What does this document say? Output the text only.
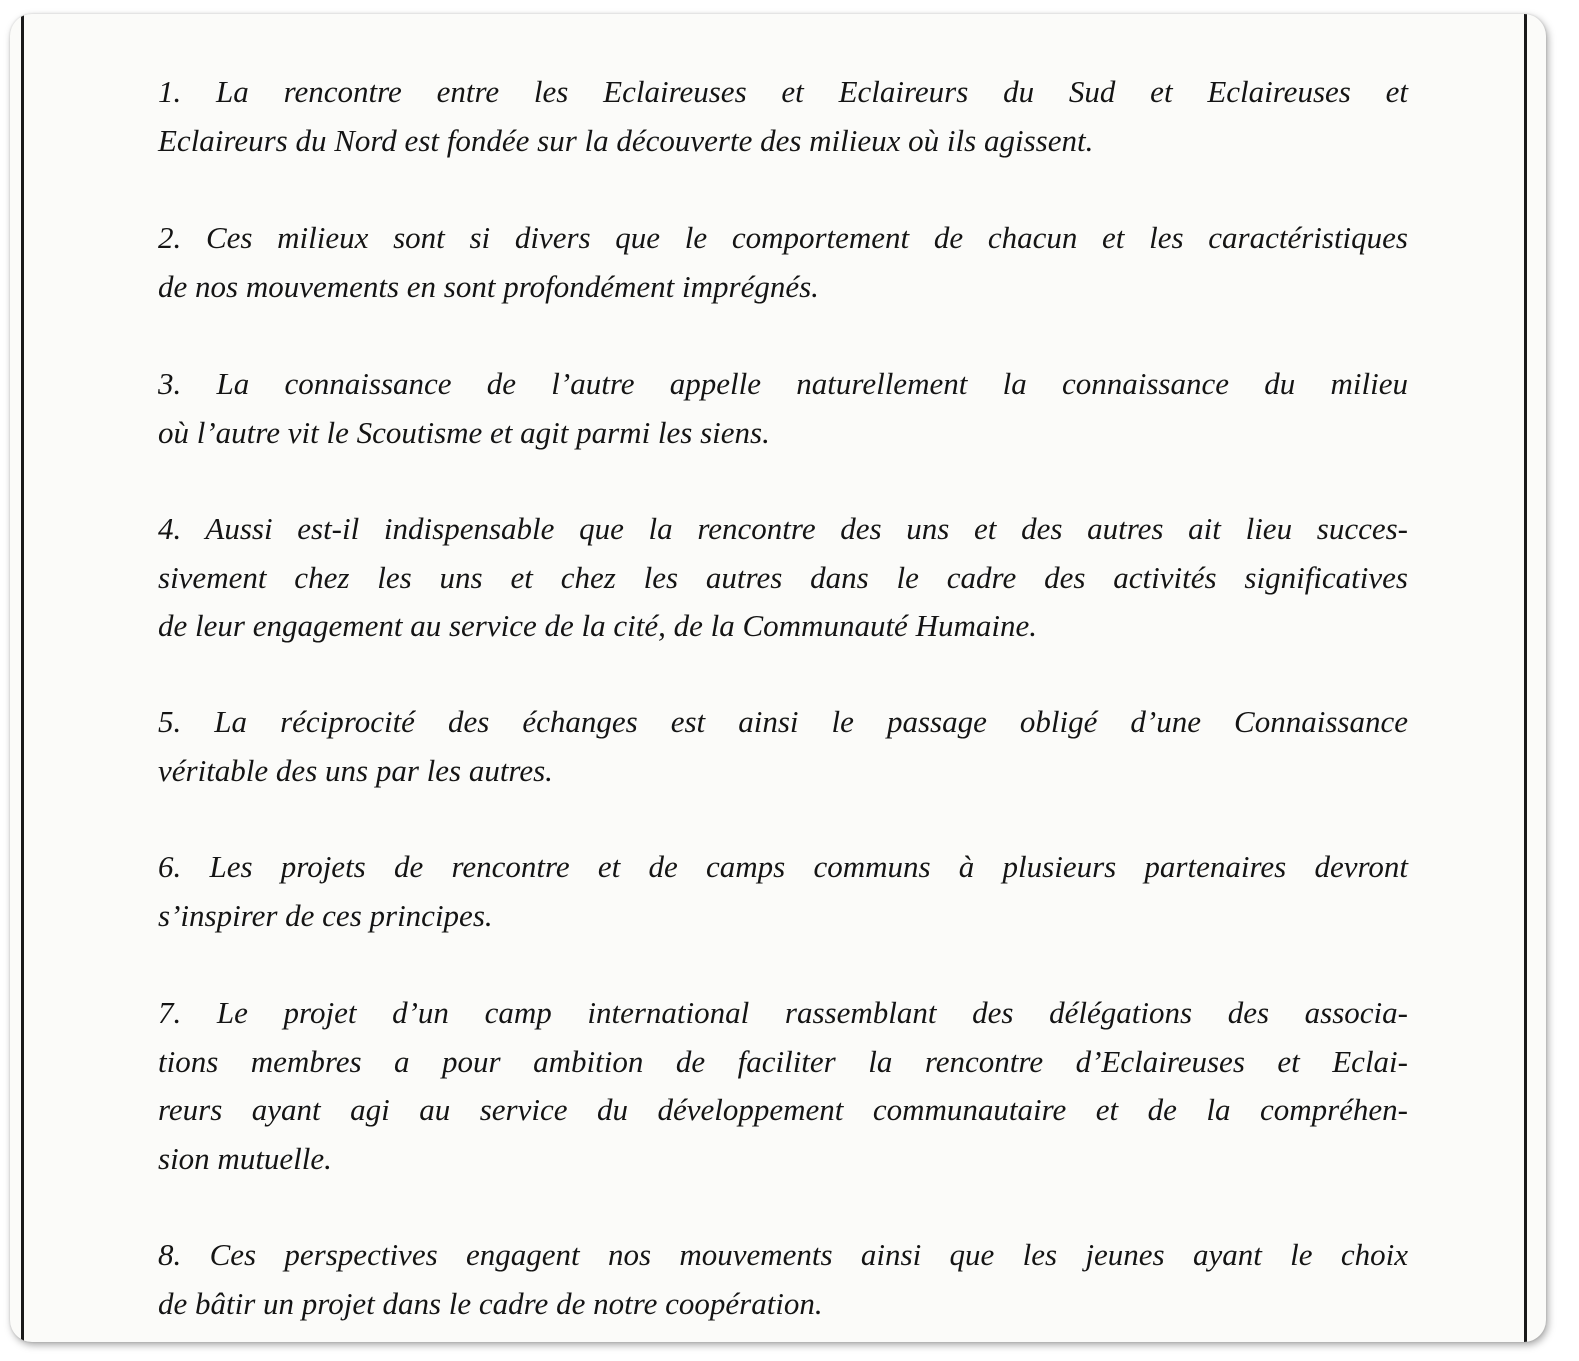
1. La rencontre entre les Eclaireuses et Eclaireurs du Sud et Eclaireuses et
Eclaireurs du Nord est fondée sur la découverte des milieux où ils agissent.

2. Ces milieux sont si divers que le comportement de chacun et les caractéristiques
de nos mouvements en sont profondément imprégnés.

3. La connaissance de l’autre appelle naturellement la connaissance du milieu
où l’autre vit le Scoutisme et agit parmi les siens.

4. Aussi est-il indispensable que la rencontre des uns et des autres ait lieu succes-
sivement chez les uns et chez les autres dans le cadre des activités significatives
de leur engagement au service de la cité, de la Communauté Humaine.

5. La réciprocité des échanges est ainsi le passage obligé d’une Connaissance
véritable des uns par les autres.

6. Les projets de rencontre et de camps communs à plusieurs partenaires devront
s’inspirer de ces principes.

7. Le projet d’un camp international rassemblant des délégations des associa-
tions membres a pour ambition de faciliter la rencontre d’Eclaireuses et Eclai-
reurs ayant agi au service du développement communautaire et de la compréhen-
sion mutuelle.

8. Ces perspectives engagent nos mouvements ainsi que les jeunes ayant le choix
de bâtir un projet dans le cadre de notre coopération.
